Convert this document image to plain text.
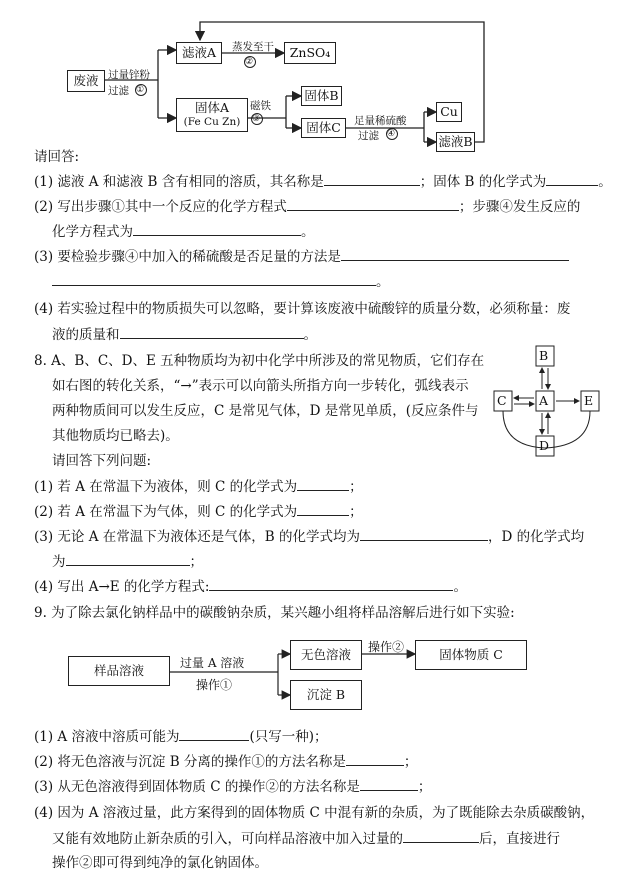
废液 过量锌粉
过滤 ①
滤液A	蒸发至干
②
ZnSO₄
固体A
(Fe Cu Zn)
磁铁
③
固体B
固体C	足量稀硫酸
过滤 ④
Cu
滤液B
请回答:
(1) 滤液 A 和滤液 B 含有相同的溶质，其名称是	；固体 B 的化学式为	。
(2) 写出步骤①其中一个反应的化学方程式	；步骤④发生反应的
化学方程式为	。
(3) 要检验步骤④中加入的稀硫酸是否足量的方法是
。
(4) 若实验过程中的物质损失可以忽略，要计算该废液中硫酸锌的质量分数，必须称量：废
液的质量和	。
8. A、B、C、D、E 五种物质均为初中化学中所涉及的常见物质，它们存在
如右图的转化关系，“→”表示可以向箭头所指方向一步转化，弧线表示
两种物质间可以发生反应，C 是常见气体，D 是常见单质，(反应条件与
其他物质均已略去)。
请回答下列问题:
B
A
C	E
D
(1) 若 A 在常温下为液体，则 C 的化学式为	；
(2) 若 A 在常温下为气体，则 C 的化学式为	；
(3) 无论 A 在常温下为液体还是气体，B 的化学式均为	，D 的化学式均
为	；
(4) 写出 A→E 的化学方程式:	。
9. 为了除去氯化钠样品中的碳酸钠杂质，某兴趣小组将样品溶解后进行如下实验:
样品溶液	过量 A 溶液
操作①
无色溶液	操作②	固体物质 C
沉淀 B
(1) A 溶液中溶质可能为	(只写一种)；
(2) 将无色溶液与沉淀 B 分离的操作①的方法名称是	；
(3) 从无色溶液得到固体物质 C 的操作②的方法名称是	；
(4) 因为 A 溶液过量，此方案得到的固体物质 C 中混有新的杂质，为了既能除去杂质碳酸钠，
又能有效地防止新杂质的引入，可向样品溶液中加入过量的	后，直接进行
操作②即可得到纯净的氯化钠固体。
